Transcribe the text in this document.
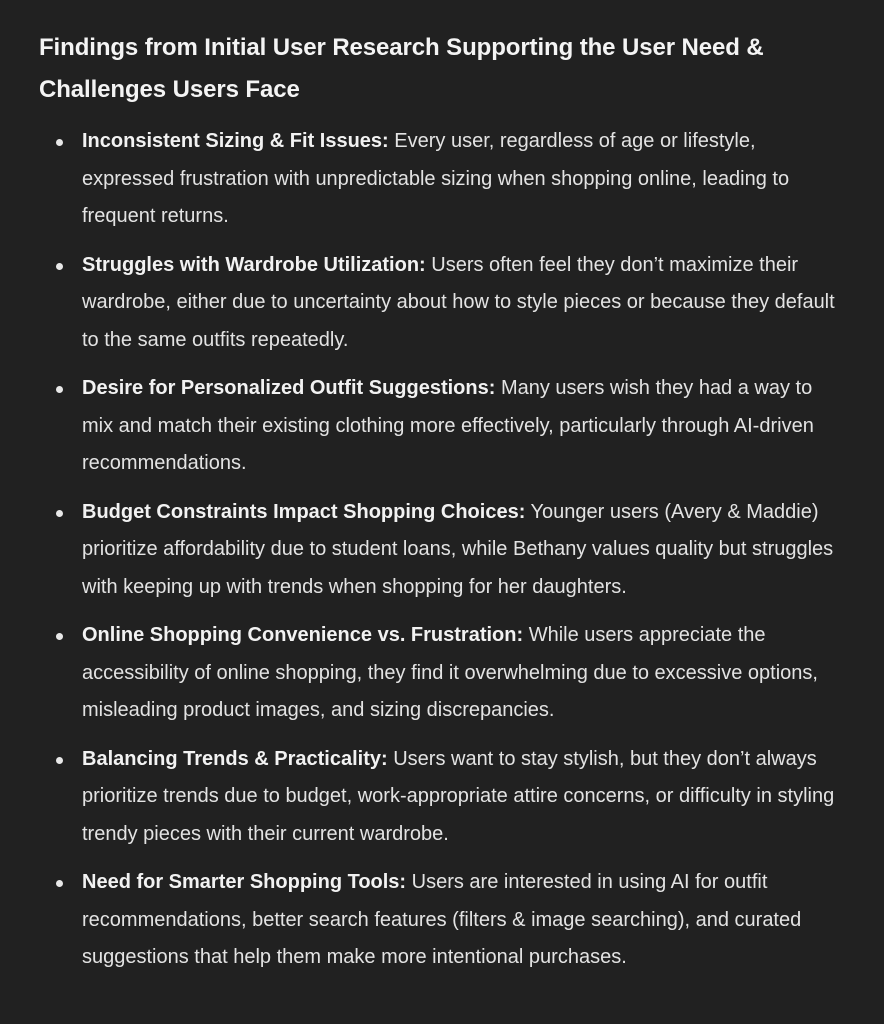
Findings from Initial User Research Supporting the User Need & Challenges Users Face
Inconsistent Sizing & Fit Issues: Every user, regardless of age or lifestyle, expressed frustration with unpredictable sizing when shopping online, leading to frequent returns.
Struggles with Wardrobe Utilization: Users often feel they don’t maximize their wardrobe, either due to uncertainty about how to style pieces or because they default to the same outfits repeatedly.
Desire for Personalized Outfit Suggestions: Many users wish they had a way to mix and match their existing clothing more effectively, particularly through AI-driven recommendations.
Budget Constraints Impact Shopping Choices: Younger users (Avery & Maddie) prioritize affordability due to student loans, while Bethany values quality but struggles with keeping up with trends when shopping for her daughters.
Online Shopping Convenience vs. Frustration: While users appreciate the accessibility of online shopping, they find it overwhelming due to excessive options, misleading product images, and sizing discrepancies.
Balancing Trends & Practicality: Users want to stay stylish, but they don’t always prioritize trends due to budget, work-appropriate attire concerns, or difficulty in styling trendy pieces with their current wardrobe.
Need for Smarter Shopping Tools: Users are interested in using AI for outfit recommendations, better search features (filters & image searching), and curated suggestions that help them make more intentional purchases.
